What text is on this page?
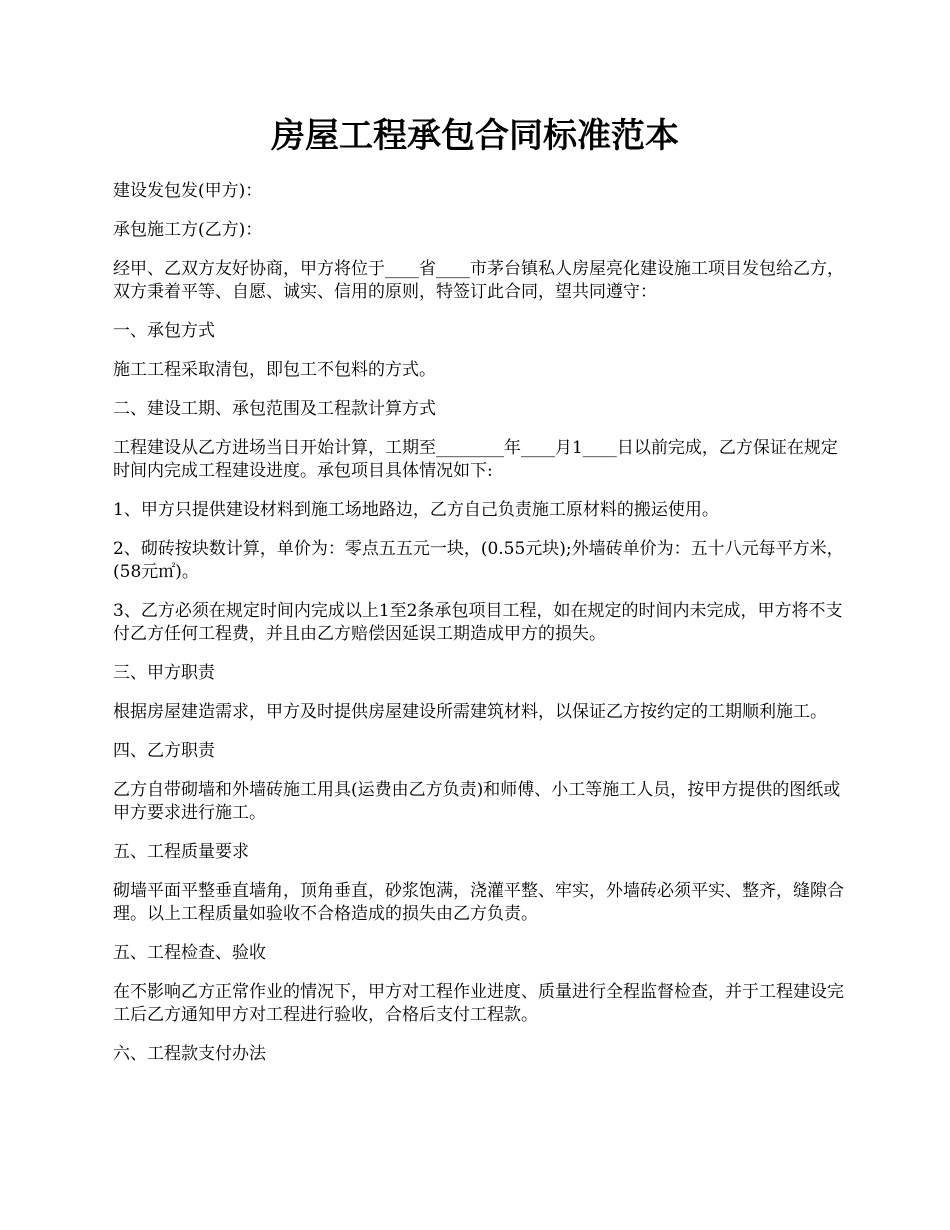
房屋工程承包合同标准范本

建设发包发(甲方)：

承包施工方(乙方)：

经甲、乙双方友好协商，甲方将位于____省____市茅台镇私人房屋亮化建设施工项目发包给乙方，双方秉着平等、自愿、诚实、信用的原则，特签订此合同，望共同遵守：

一、承包方式

施工工程采取清包，即包工不包料的方式。

二、建设工期、承包范围及工程款计算方式

工程建设从乙方进场当日开始计算，工期至________年____月1____日以前完成，乙方保证在规定时间内完成工程建设进度。承包项目具体情况如下:

1、甲方只提供建设材料到施工场地路边，乙方自己负责施工原材料的搬运使用。

2、砌砖按块数计算，单价为：零点五五元一块，(0.55元块);外墙砖单价为：五十八元每平方米，(58元㎡)。

3、乙方必须在规定时间内完成以上1至2条承包项目工程，如在规定的时间内未完成，甲方将不支付乙方任何工程费，并且由乙方赔偿因延误工期造成甲方的损失。

三、甲方职责

根据房屋建造需求，甲方及时提供房屋建设所需建筑材料，以保证乙方按约定的工期顺利施工。

四、乙方职责

乙方自带砌墙和外墙砖施工用具(运费由乙方负责)和师傅、小工等施工人员，按甲方提供的图纸或甲方要求进行施工。

五、工程质量要求

砌墙平面平整垂直墙角，顶角垂直，砂浆饱满，浇灌平整、牢实，外墙砖必须平实、整齐，缝隙合理。以上工程质量如验收不合格造成的损失由乙方负责。

五、工程检查、验收

在不影响乙方正常作业的情况下，甲方对工程作业进度、质量进行全程监督检查，并于工程建设完工后乙方通知甲方对工程进行验收，合格后支付工程款。

六、工程款支付办法
